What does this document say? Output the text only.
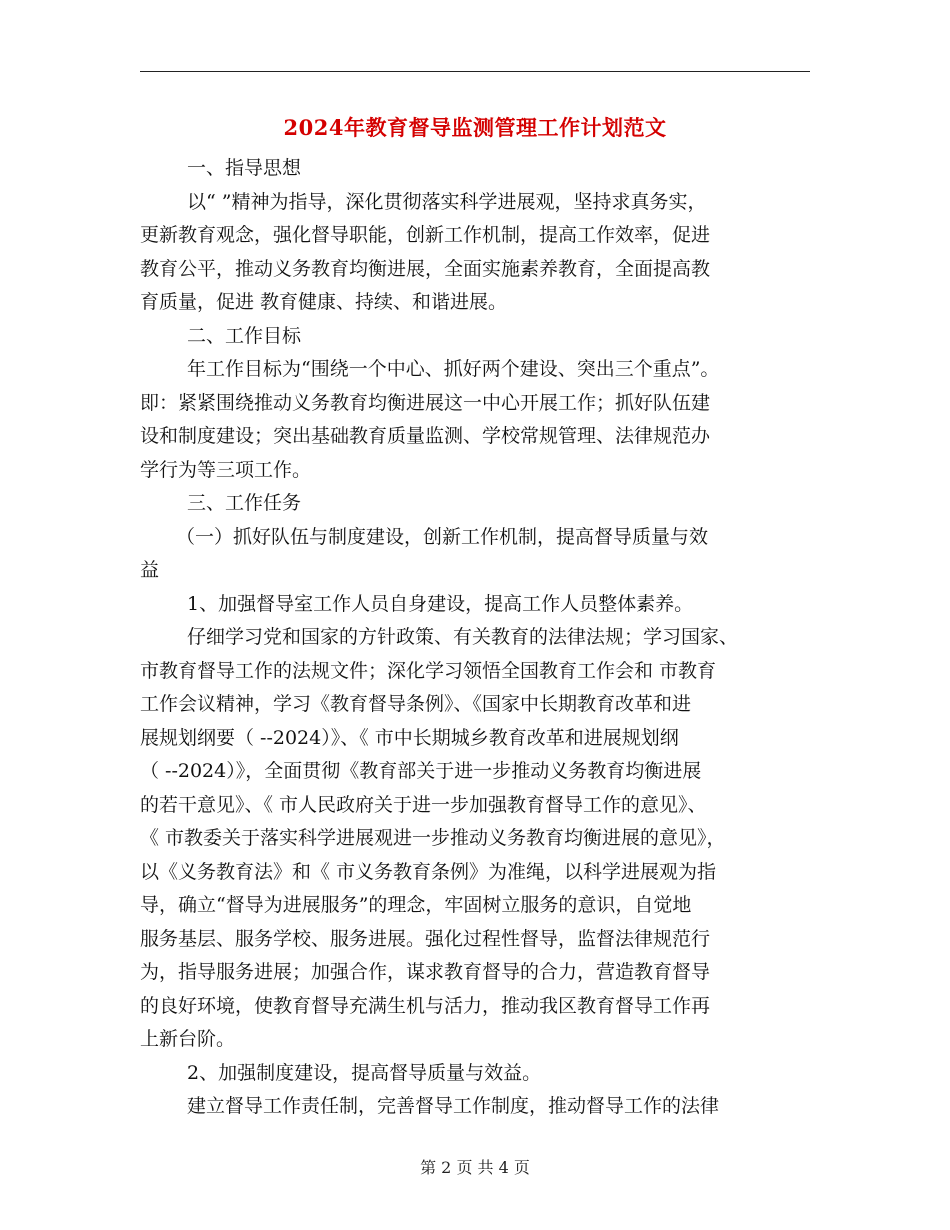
2024年教育督导监测管理工作计划范文
一、指导思想
以“ ”精神为指导，深化贯彻落实科学进展观，坚持求真务实，
更新教育观念，强化督导职能，创新工作机制，提高工作效率，促进
教育公平，推动义务教育均衡进展，全面实施素养教育，全面提高教
育质量，促进 教育健康、持续、和谐进展。
二、工作目标
年工作目标为“围绕一个中心、抓好两个建设、突出三个重点”。
即：紧紧围绕推动义务教育均衡进展这一中心开展工作；抓好队伍建
设和制度建设；突出基础教育质量监测、学校常规管理、法律规范办
学行为等三项工作。
三、工作任务
（一）抓好队伍与制度建设，创新工作机制，提高督导质量与效
益
1、加强督导室工作人员自身建设，提高工作人员整体素养。
仔细学习党和国家的方针政策、有关教育的法律法规；学习国家、
市教育督导工作的法规文件；深化学习领悟全国教育工作会和 市教育
工作会议精神，学习《教育督导条例》、《国家中长期教育改革和进
展规划纲要（ --2024）》、《 市中长期城乡教育改革和进展规划纲
（ --2024）》，全面贯彻《教育部关于进一步推动义务教育均衡进展
的若干意见》、《 市人民政府关于进一步加强教育督导工作的意见》、
《 市教委关于落实科学进展观进一步推动义务教育均衡进展的意见》，
以《义务教育法》和《 市义务教育条例》为准绳，以科学进展观为指
导，确立“督导为进展服务”的理念，牢固树立服务的意识，自觉地
服务基层、服务学校、服务进展。强化过程性督导，监督法律规范行
为，指导服务进展；加强合作，谋求教育督导的合力，营造教育督导
的良好环境，使教育督导充满生机与活力，推动我区教育督导工作再
上新台阶。
2、加强制度建设，提高督导质量与效益。
建立督导工作责任制，完善督导工作制度，推动督导工作的法律
第 2 页 共 4 页
